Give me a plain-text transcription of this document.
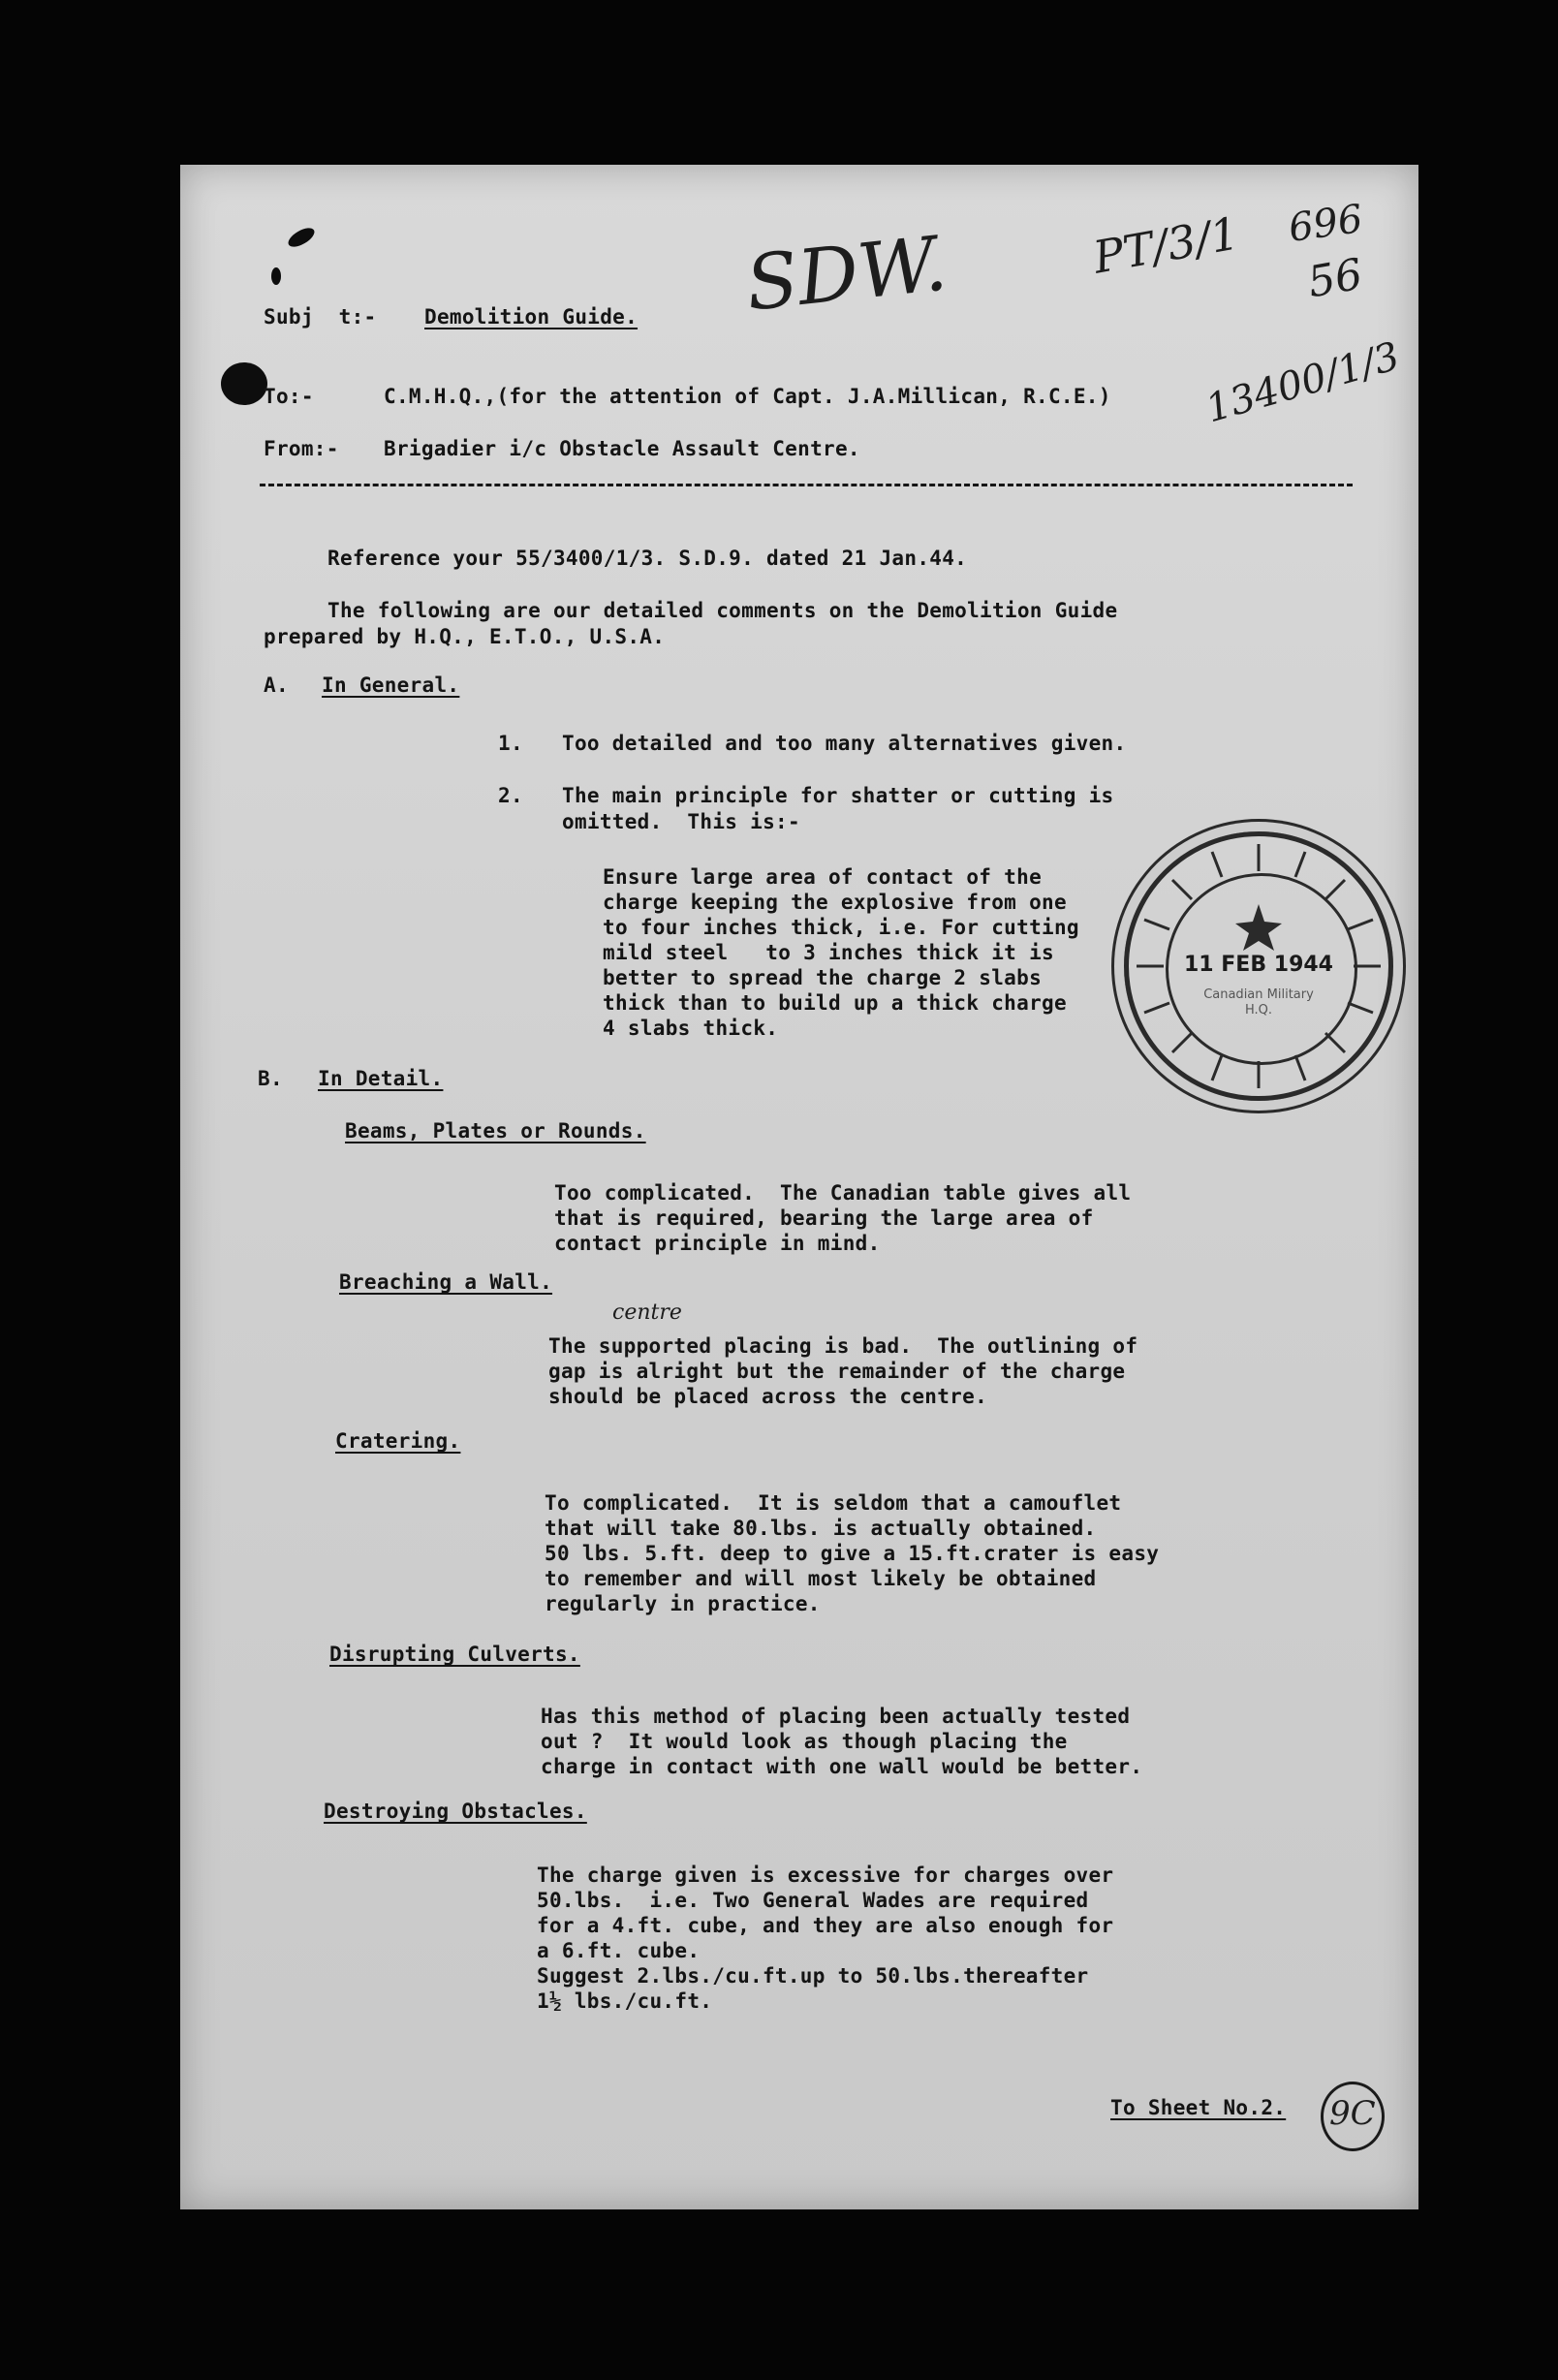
Subj  t:- Demolition Guide.
To:-	C.M.H.Q.,(for the attention of Capt. J.A.Millican, R.C.E.)
From:- Brigadier i/c Obstacle Assault Centre.
SDW.	PT/3/1 696
56
13400/1/3
centre
Reference your 55/3400/1/3. S.D.9. dated 21 Jan.44.
The following are our detailed comments on the Demolition Guide
prepared by H.Q., E.T.O., U.S.A.
A. In General.
1. Too detailed and too many alternatives given.
2. The main principle for shatter or cutting is
omitted.  This is:-
Ensure large area of contact of the
charge keeping the explosive from one
to four inches thick, i.e. For cutting
mild steel   to 3 inches thick it is
better to spread the charge 2 slabs
thick than to build up a thick charge
4 slabs thick.
11 FEB 1944
Canadian Military H.Q.
B. In Detail.
Beams, Plates or Rounds.
Too complicated.  The Canadian table gives all
that is required, bearing the large area of
contact principle in mind.
Breaching a Wall.
The supported placing is bad.  The outlining of
gap is alright but the remainder of the charge
should be placed across the centre.
Cratering.
To complicated.  It is seldom that a camouflet
that will take 80.lbs. is actually obtained.
50 lbs. 5.ft. deep to give a 15.ft.crater is easy
to remember and will most likely be obtained
regularly in practice.
Disrupting Culverts.
Has this method of placing been actually tested
out ?  It would look as though placing the
charge in contact with one wall would be better.
Destroying Obstacles.
The charge given is excessive for charges over
50.lbs.  i.e. Two General Wades are required
for a 4.ft. cube, and they are also enough for
a 6.ft. cube.
Suggest 2.lbs./cu.ft.up to 50.lbs.thereafter
1½ lbs./cu.ft.
To Sheet No.2. 9C
